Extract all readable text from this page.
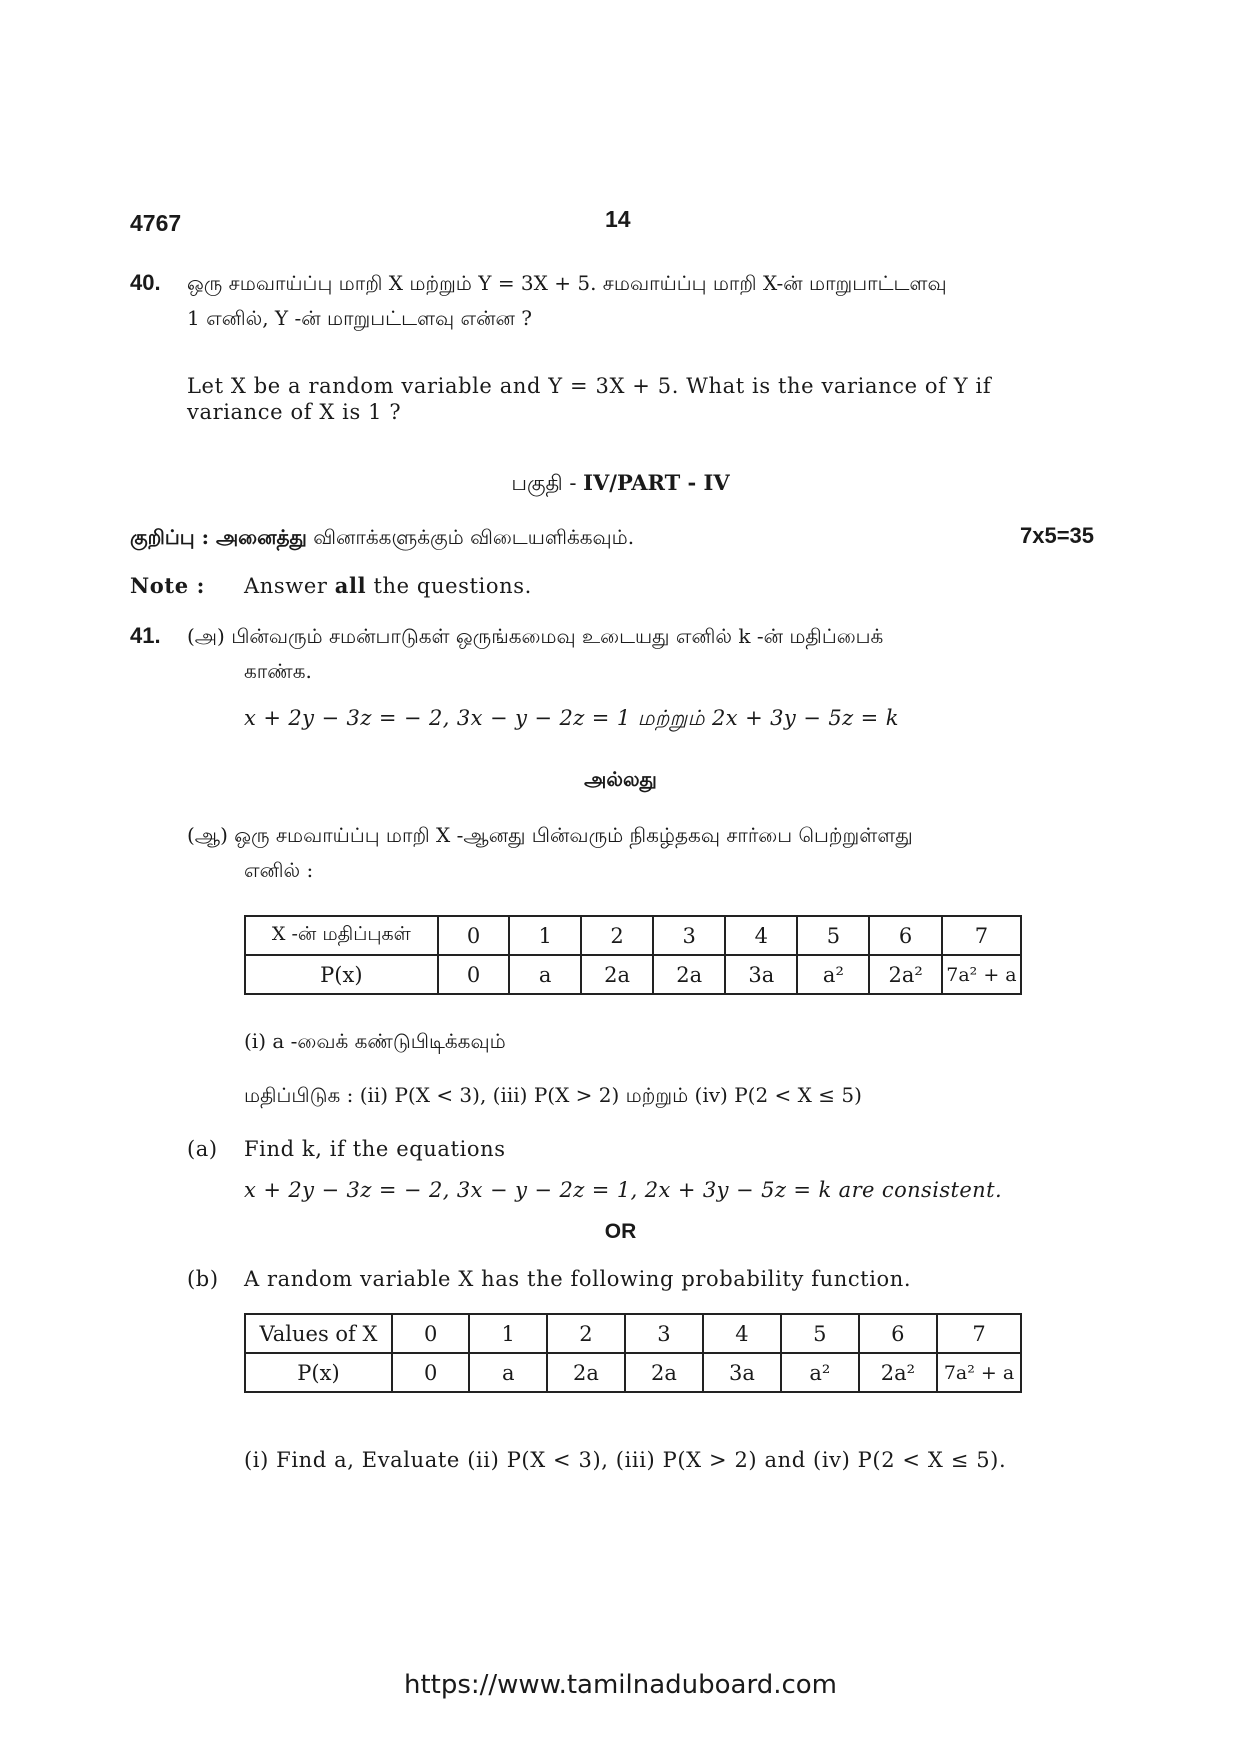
4767	14
40. ஒரு சமவாய்ப்பு மாறி X மற்றும் Y = 3X + 5. சமவாய்ப்பு மாறி X-ன் மாறுபாட்டளவு
1 எனில், Y -ன் மாறுபட்டளவு என்ன ?
Let X be a random variable and Y = 3X + 5. What is the variance of Y if
variance of X is 1 ?
பகுதி - IV/PART - IV
குறிப்பு : அனைத்து வினாக்களுக்கும் விடையளிக்கவும்.	7x5=35
Note : Answer all the questions.
41. (அ) பின்வரும் சமன்பாடுகள் ஒருங்கமைவு உடையது எனில் k -ன் மதிப்பைக்
காண்க.
x + 2y − 3z = − 2, 3x − y − 2z = 1 மற்றும் 2x + 3y − 5z = k
அல்லது
(ஆ) ஒரு சமவாய்ப்பு மாறி X -ஆனது பின்வரும் நிகழ்தகவு சார்பை பெற்றுள்ளது
எனில் :
X -ன் மதிப்புகள்	0	1	2	3	4	5	6	7
P(x)	0	a	2a	2a	3a	a²	2a²	7a² + a
(i) a -வைக் கண்டுபிடிக்கவும்
மதிப்பிடுக : (ii) P(X < 3), (iii) P(X > 2) மற்றும் (iv) P(2 < X ≤ 5)
(a) Find k, if the equations
x + 2y − 3z = − 2, 3x − y − 2z = 1, 2x + 3y − 5z = k are consistent.
OR
(b) A random variable X has the following probability function.
Values of X	0	1	2	3	4	5	6	7
P(x)	0	a	2a	2a	3a	a²	2a²	7a² + a
(i) Find a, Evaluate (ii) P(X < 3), (iii) P(X > 2) and (iv) P(2 < X ≤ 5).
https://www.tamilnaduboard.com
